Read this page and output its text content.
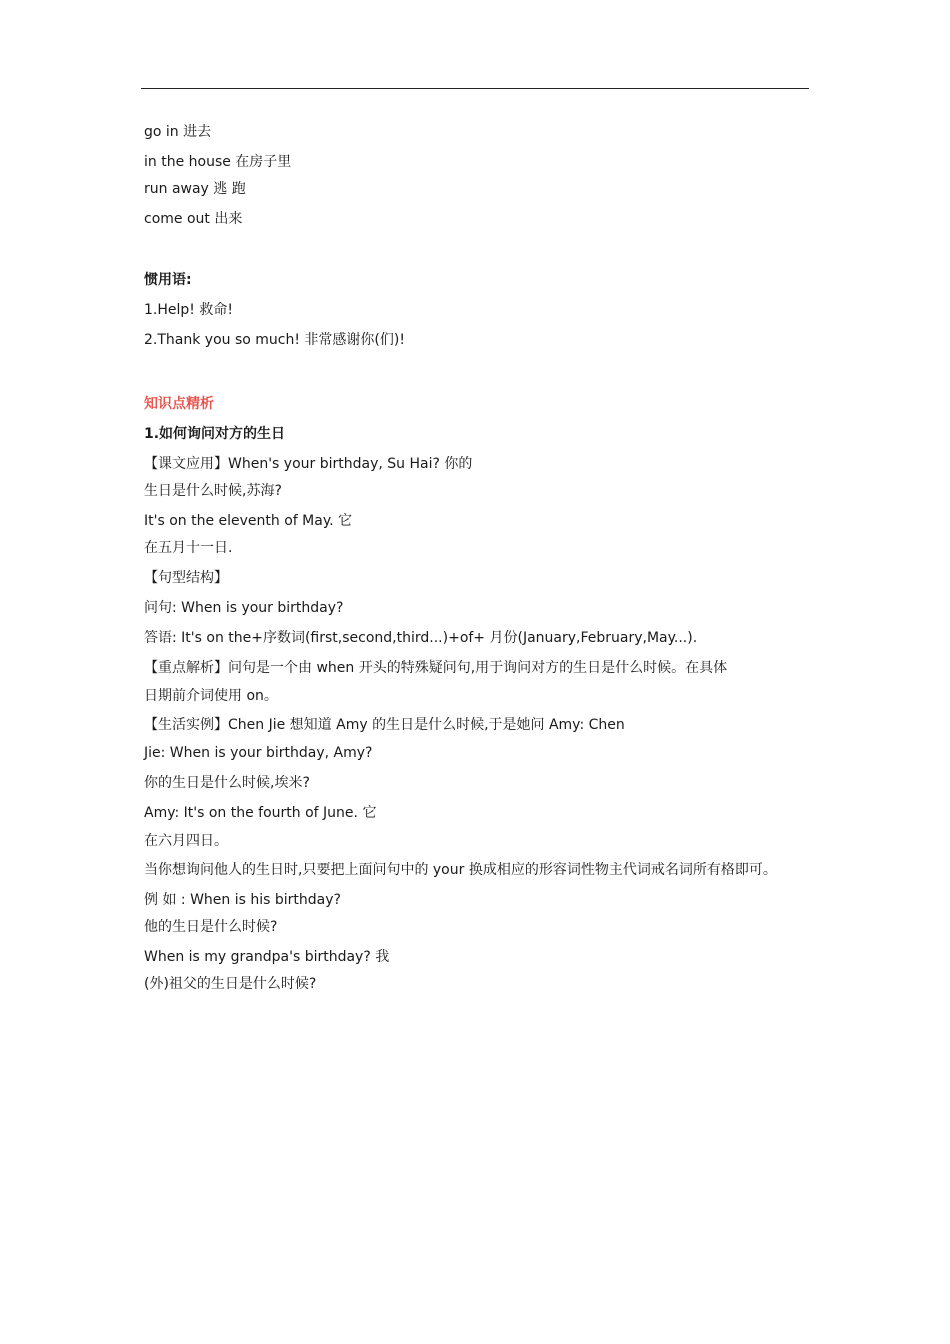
go in 进去
in the house 在房子里
run away 逃 跑
come out 出来
惯用语:
1.Help! 救命!
2.Thank you so much! 非常感谢你(们)!
知识点精析
1.如何询问对方的生日
【课文应用】When's your birthday, Su Hai? 你的
生日是什么时候,苏海?
It's on the eleventh of May. 它
在五月十一日.
【句型结构】
问句: When is your birthday?
答语: It's on the+序数词(first,second,third...)+of+ 月份(January,February,May...).
【重点解析】问句是一个由 when 开头的特殊疑问句,用于询问对方的生日是什么时候。在具体
日期前介词使用 on。
【生活实例】Chen Jie 想知道 Amy 的生日是什么时候,于是她问 Amy: Chen
Jie: When is your birthday, Amy?
你的生日是什么时候,埃米?
Amy: It's on the fourth of June. 它
在六月四日。
当你想询问他人的生日时,只要把上面问句中的 your 换成相应的形容词性物主代词戒名词所有格即可。
例 如 : When is his birthday?
他的生日是什么时候?
When is my grandpa's birthday? 我
(外)祖父的生日是什么时候?
